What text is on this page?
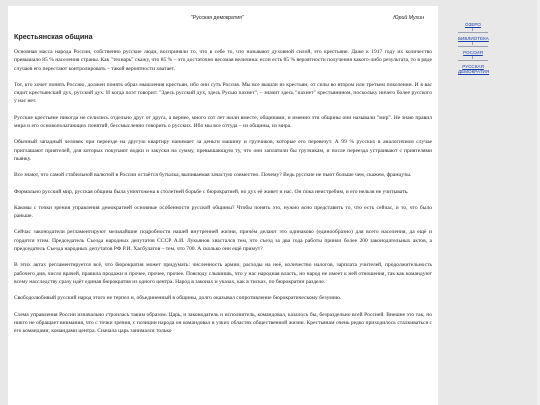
"Русская демократия"	Юрий Мухин
Крестьянская община

Основная масса народа России, собственно русские люди, восприняли то, что в себе то, что называют духовной силой, это крестьяне. Даже к 1917 году их количество превышало 85 % населения страны. Как "технарь" скажу, что 85 % – это достаточно весомая величина: если есть 85 % вероятности получения какого-либо результата, то в ряде случаев его перестают контролировать – такой вероятности хватает.

Тот, кто хочет понять Россию, должен понять образ мышления крестьян, ибо они суть Россия. Мы все вышли из крестьян, от силы во втором или третьем поколении. И я вас сидит крестьянский дух, русский дух. И когда поэт говорит: "Здесь русский дух, здесь Русью пахнет", – значит здесь "пахнет" крестьянином, поскольку ничего более русского у нас нет.

Русские крестьяне никогда не селились отдельно друг от друга, а вернее, много сот лет жили вместе, общинами, и именно эти общины они называли "мир". Не знаю правил мира и его основополагающих понятий, бессмысленно говорить о русских. Ибо мы все оттуда – из общины, из мира.

Обычный западный человек при переезде на другую квартиру нанимает за деньги машину и грузчиков, которые его перевезут. А 99 % русских в аналогичном случае приглашают приятелей, для которых покупают водки и закуски на сумму, превышающую ту, что они заплатили бы грузчикам, и после переезда устраивают с приятелями пьянку.

Все знают, что самой стабильной валютой в России остаётся бутылка, выпиваемая зачастую совместно. Почему? Ведь русские не пьют больше чем, скажем, французы.

Формально русский мир, русская община была уничтожена в столетней борьбе с бюрократией, но дух её живет и нас. Он пока неистребим, и его нельзя не учитывать.

Каковы с точки зрения управления демократией основные особенности русской общины? Чтобы понять это, нужно ясно представить то, что есть сейчас, и то, что было раньше.

Сейчас законодатели регламентируют мельчайшие подробности нашей внутренней жизни, причём делают это одинаково (единообразно) для всего населения, да ещё и гордятся этим. Председатель Съезда народных депутатов СССР А.И. Лукьянов хвастался тем, что съезд за два года работы принял более 200 законодательных актов, а председатель Съезда народных депутатов РФ Р.И. Хасбулатов – тем, что 700. А сколько они ещё примут?

В этих актах регламентируется всё, что бюрократия может придумать: численность армии, расходы на неё, количество налогов, зарплата учителей, продолжительность рабочего дня, число врачей, правила продажи и прочее, прочее, прочее. Повсюду слышишь, что у нас народная власть, но народ не имеет к ней отношения, так как командуют всему насследству сразу идёт единая бюрократия из одного центра. Народ в законах и указах, как в тисках, по бюрократии разделе.

Свободолюбивый русский народ этого не терпел и, объединенный в общины, долго оказывал сопротивление бюрократическому безумию.

Схема управления России изначально строилась таким образом. Царь, и законодатель и исполнитель, командовал, казалось бы, безраздельно всей Россией. Внешне это так, но никто не обращает внимания, что с точки зрения, с позиции народа он командовал в узких областях общественной жизни. Крестьянам очень редко приходилось сталкиваться с его командами, командами центра. Сначала царь занимался только

ОЗЕРО
БИБЛИОТЕКА
РОССИЯ
РУССКАЯ ДЕМОКРАТИЯ
